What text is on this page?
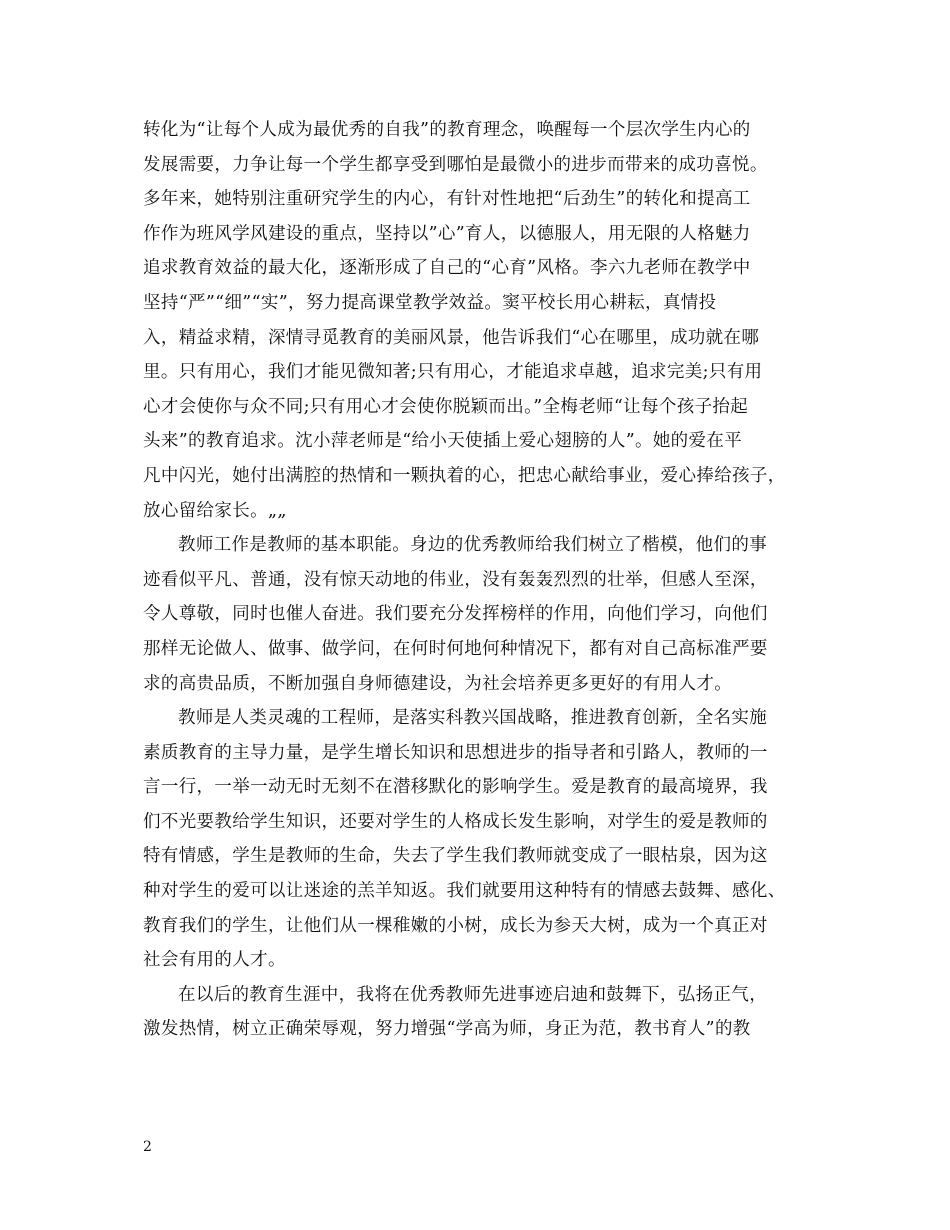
转化为“让每个人成为最优秀的自我”的教育理念，唤醒每一个层次学生内心的
发展需要，力争让每一个学生都享受到哪怕是最微小的进步而带来的成功喜悦。
多年来，她特别注重研究学生的内心，有针对性地把“后劲生”的转化和提高工
作作为班风学风建设的重点，坚持以”心”育人，以德服人，用无限的人格魅力
追求教育效益的最大化，逐渐形成了自己的“心育”风格。李六九老师在教学中
坚持“严”“细”“实”，努力提高课堂教学效益。窦平校长用心耕耘，真情投
入，精益求精，深情寻觅教育的美丽风景，他告诉我们“心在哪里，成功就在哪
里。只有用心，我们才能见微知著;只有用心，才能追求卓越，追求完美;只有用
心才会使你与众不同;只有用心才会使你脱颖而出。”全梅老师“让每个孩子抬起
头来”的教育追求。沈小萍老师是“给小天使插上爱心翅膀的人”。她的爱在平
凡中闪光，她付出满腔的热情和一颗执着的心，把忠心献给事业，爱心捧给孩子，
放心留给家长。„„
教师工作是教师的基本职能。身边的优秀教师给我们树立了楷模，他们的事
迹看似平凡、普通，没有惊天动地的伟业，没有轰轰烈烈的壮举，但感人至深，
令人尊敬，同时也催人奋进。我们要充分发挥榜样的作用，向他们学习，向他们
那样无论做人、做事、做学问，在何时何地何种情况下，都有对自己高标准严要
求的高贵品质，不断加强自身师德建设，为社会培养更多更好的有用人才。
教师是人类灵魂的工程师，是落实科教兴国战略，推进教育创新，全名实施
素质教育的主导力量，是学生增长知识和思想进步的指导者和引路人，教师的一
言一行，一举一动无时无刻不在潜移默化的影响学生。爱是教育的最高境界，我
们不光要教给学生知识，还要对学生的人格成长发生影响，对学生的爱是教师的
特有情感，学生是教师的生命，失去了学生我们教师就变成了一眼枯泉，因为这
种对学生的爱可以让迷途的羔羊知返。我们就要用这种特有的情感去鼓舞、感化、
教育我们的学生，让他们从一棵稚嫩的小树，成长为参天大树，成为一个真正对
社会有用的人才。
在以后的教育生涯中，我将在优秀教师先进事迹启迪和鼓舞下，弘扬正气，
激发热情，树立正确荣辱观，努力增强“学高为师，身正为范，教书育人”的教
2
